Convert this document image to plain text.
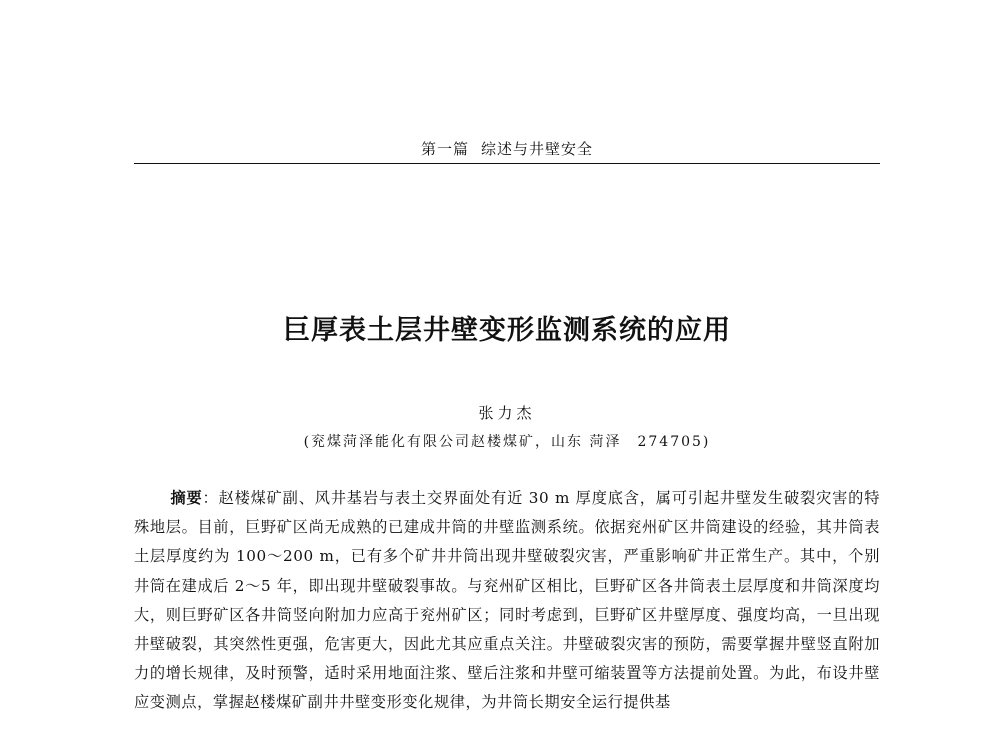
第一篇 综述与井壁安全
巨厚表土层井壁变形监测系统的应用
张力杰
(兖煤菏泽能化有限公司赵楼煤矿，山东 菏泽　274705)

摘要：赵楼煤矿副、风井基岩与表土交界面处有近 30 m 厚度底含，属可引起井壁发生破裂灾害的特殊地层。目前，巨野矿区尚无成熟的已建成井筒的井壁监测系统。依据兖州矿区井筒建设的经验，其井筒表土层厚度约为 100～200 m，已有多个矿井井筒出现井壁破裂灾害，严重影响矿井正常生产。其中，个别井筒在建成后 2～5 年，即出现井壁破裂事故。与兖州矿区相比，巨野矿区各井筒表土层厚度和井筒深度均大，则巨野矿区各井筒竖向附加力应高于兖州矿区；同时考虑到，巨野矿区井壁厚度、强度均高，一旦出现井壁破裂，其突然性更强，危害更大，因此尤其应重点关注。井壁破裂灾害的预防，需要掌握井壁竖直附加力的增长规律，及时预警，适时采用地面注浆、壁后注浆和井壁可缩装置等方法提前处置。为此，布设井壁应变测点，掌握赵楼煤矿副井井壁变形变化规律，为井筒长期安全运行提供基
